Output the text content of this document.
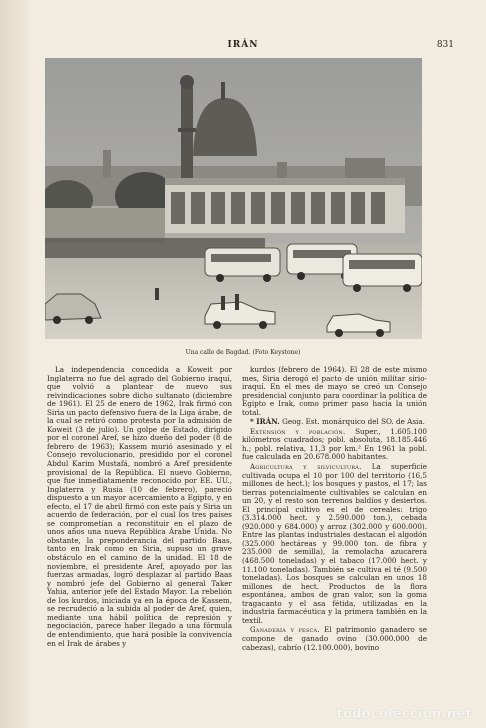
IRÁN	831
Una calle de Bagdad. (Foto Keystone)

La independencia concedida a Koweit por Inglaterra no fue del agrado del Gobierno iraquí, que volvió a plantear de nuevo sus reivindicaciones sobre dicho sultanato (diciembre de 1961). El 25 de enero de 1962, Irak firmó con Siria un pacto defensivo fuera de la Liga árabe, de la cual se retiró como protesta por la admisión de Koweit (3 de julio). Un golpe de Estado, dirigido por el coronel Aref, se hizo dueño del poder (8 de febrero de 1963); Kassem murió asesinado y el Consejo revolucionario, presidido por el coronel Abdul Karim Mustafá, nombró a Aref presidente provisional de la República. El nuevo Gobierno, que fue inmediatamente reconocido por EE. UU., Inglaterra y Rusia (10 de febrero), pareció dispuesto a un mayor acercamiento a Egipto, y en efecto, el 17 de abril firmó con este país y Siria un acuerdo de federación, por el cual los tres países se comprometían a reconstituir en el plazo de unos años una nueva República Árabe Unida. No obstante, la preponderancia del partido Baas, tanto en Irak como en Siria, supuso un grave obstáculo en el camino de la unidad. El 18 de noviembre, el presidente Aref, apoyado por las fuerzas armadas, logró desplazar al partido Baas y nombró jefe del Gobierno al general Taker Yahia, anterior jefe del Estado Mayor. La rebelión de los kurdos, iniciada ya en la época de Kassem, se recrudeció a la subida al poder de Aref, quien, mediante una hábil política de represión y negociación, parece haber llegado a una fórmula de entendimiento, que hará posible la convivencia en el Irak de árabes y

kurdos (febrero de 1964). El 28 de este mismo mes, Siria derogó el pacto de unión militar sirio-iraquí. En el mes de mayo se creó un Consejo presidencial conjunto para coordinar la política de Egipto e Irak, como primer paso hacia la unión total.

* IRÁN. Geog. Est. monárquico del SO. de Asia.

Extensión y población. Super., 1.605.100 kilómetros cuadrados; pobl. absoluta, 18.185.446 h.; pobl. relativa, 11,3 por km.² En 1961 la pobl. fue calculada en 20.678.000 habitantes.

Agricultura y silvicultura. La superficie cultivada ocupa el 10 por 100 del territorio (16,5 millones de hect.); los bosques y pastos, el 17; las tierras potencialmente cultivables se calculan en un 20, y el resto son terrenos baldíos y desiertos. El principal cultivo es el de cereales: trigo (3.314.000 hect. y 2.590.000 ton.), cebada (920.000 y 684.000) y arroz (302.000 y 600.000). Entre las plantas industriales destacan el algodón (325.000 hectáreas y 99.000 ton. de fibra y 235.000 de semilla), la remolacha azucarera (468.500 toneladas) y el tabaco (17.000 hect. y 11.100 toneladas). También se cultiva el té (9.500 toneladas). Los bosques se calculan en unos 18 millones de hect. Productos de la flora espontánea, ambos de gran valor, son la goma tragacanto y el asa fétida, utilizadas en la industria farmacéutica y la primera también en la textil.

Ganadería y pesca. El patrimonio ganadero se compone de ganado ovino (30.000.000 de cabezas), cabrío (12.100.000), bovino

todocoleccion.net
